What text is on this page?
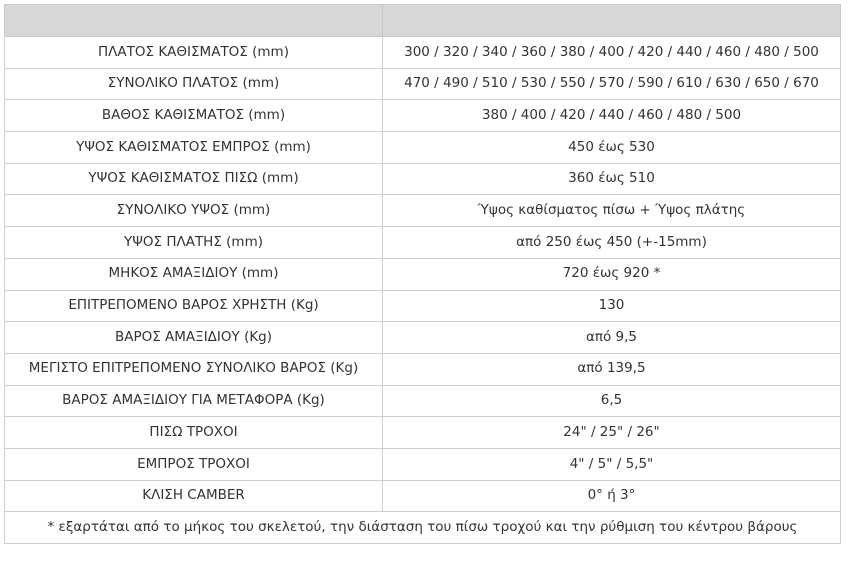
ΠΛΑΤΟΣ ΚΑΘΙΣΜΑΤΟΣ (mm)	300 / 320 / 340 / 360 / 380 / 400 / 420 / 440 / 460 / 480 / 500
ΣΥΝΟΛΙΚΟ ΠΛΑΤΟΣ (mm)	470 / 490 / 510 / 530 / 550 / 570 / 590 / 610 / 630 / 650 / 670
ΒΑΘΟΣ ΚΑΘΙΣΜΑΤΟΣ (mm)	380 / 400 / 420 / 440 / 460 / 480 / 500
ΥΨΟΣ ΚΑΘΙΣΜΑΤΟΣ ΕΜΠΡΟΣ (mm)	450 έως 530
ΥΨΟΣ ΚΑΘΙΣΜΑΤΟΣ ΠΙΣΩ (mm)	360 έως 510
ΣΥΝΟΛΙΚΟ ΥΨΟΣ (mm)	Ύψος καθίσματος πίσω + Ύψος πλάτης
ΥΨΟΣ ΠΛΑΤΗΣ (mm)	από 250 έως 450 (+-15mm)
ΜΗΚΟΣ ΑΜΑΞΙΔΙΟΥ (mm)	720 έως 920 *
ΕΠΙΤΡΕΠΟΜΕΝΟ ΒΑΡΟΣ ΧΡΗΣΤΗ (Kg)	130
ΒΑΡΟΣ ΑΜΑΞΙΔΙΟΥ (Kg)	από 9,5
ΜΕΓΙΣΤΟ ΕΠΙΤΡΕΠΟΜΕΝΟ ΣΥΝΟΛΙΚΟ ΒΑΡΟΣ (Kg)	από 139,5
ΒΑΡΟΣ ΑΜΑΞΙΔΙΟΥ ΓΙΑ ΜΕΤΑΦΟΡΑ (Kg)	6,5
ΠΙΣΩ ΤΡΟΧΟΙ	24" / 25" / 26"
ΕΜΠΡΟΣ ΤΡΟΧΟΙ	4" / 5" / 5,5"
ΚΛΙΣΗ CAMBER	0° ή 3°
* εξαρτάται από το μήκος του σκελετού, την διάσταση του πίσω τροχού και την ρύθμιση του κέντρου βάρους	
